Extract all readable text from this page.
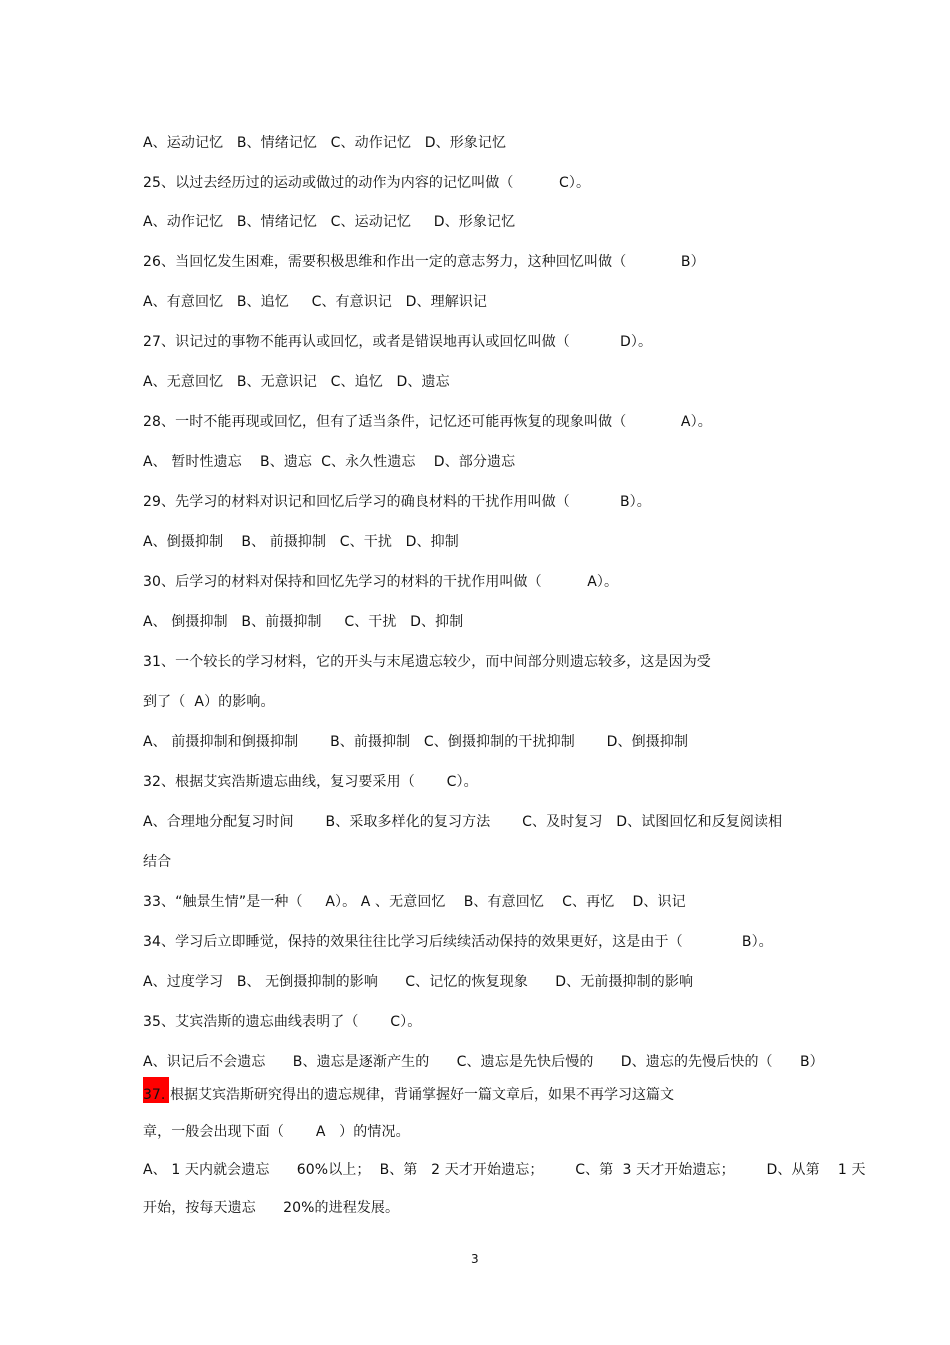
A、运动记忆   B、情绪记忆   C、动作记忆   D、形象记忆
25、以过去经历过的运动或做过的动作为内容的记忆叫做（          C）。
A、动作记忆   B、情绪记忆   C、运动记忆     D、形象记忆
26、当回忆发生困难，需要积极思维和作出一定的意志努力，这种回忆叫做（            B）
A、有意回忆   B、追忆     C、有意识记   D、理解识记
27、识记过的事物不能再认或回忆，或者是错误地再认或回忆叫做（           D）。
A、无意回忆   B、无意识记   C、追忆   D、遗忘
28、一时不能再现或回忆，但有了适当条件，记忆还可能再恢复的现象叫做（            A）。
A、 暂时性遗忘    B、遗忘  C、永久性遗忘    D、部分遗忘
29、先学习的材料对识记和回忆后学习的确良材料的干扰作用叫做（           B）。
A、倒摄抑制    B、 前摄抑制   C、干扰   D、抑制
30、后学习的材料对保持和回忆先学习的材料的干扰作用叫做（          A）。
A、 倒摄抑制   B、前摄抑制     C、干扰   D、抑制
31、一个较长的学习材料，它的开头与末尾遗忘较少，而中间部分则遗忘较多，这是因为受
到了（  A）的影响。
A、 前摄抑制和倒摄抑制       B、前摄抑制   C、倒摄抑制的干扰抑制       D、倒摄抑制
32、根据艾宾浩斯遗忘曲线，复习要采用（       C）。
A、合理地分配复习时间       B、采取多样化的复习方法       C、及时复习   D、试图回忆和反复阅读相
结合
33、“触景生情”是一种（     A）。 A 、无意回忆    B、有意回忆    C、再忆    D、识记
34、学习后立即睡觉，保持的效果往往比学习后续续活动保持的效果更好，这是由于（             B）。
A、过度学习   B、 无倒摄抑制的影响      C、记忆的恢复现象      D、无前摄抑制的影响
35、艾宾浩斯的遗忘曲线表明了（       C）。
A、识记后不会遗忘      B、遗忘是逐渐产生的      C、遗忘是先快后慢的      D、遗忘的先慢后快的（      B）
37. 根据艾宾浩斯研究得出的遗忘规律，背诵掌握好一篇文章后，如果不再学习这篇文
章，一般会出现下面（       A   ）的情况。
A、 1 天内就会遗忘      60%以上；  B、第   2 天才开始遗忘；       C、第  3 天才开始遗忘；       D、从第    1 天
开始，按每天遗忘      20%的进程发展。
3
